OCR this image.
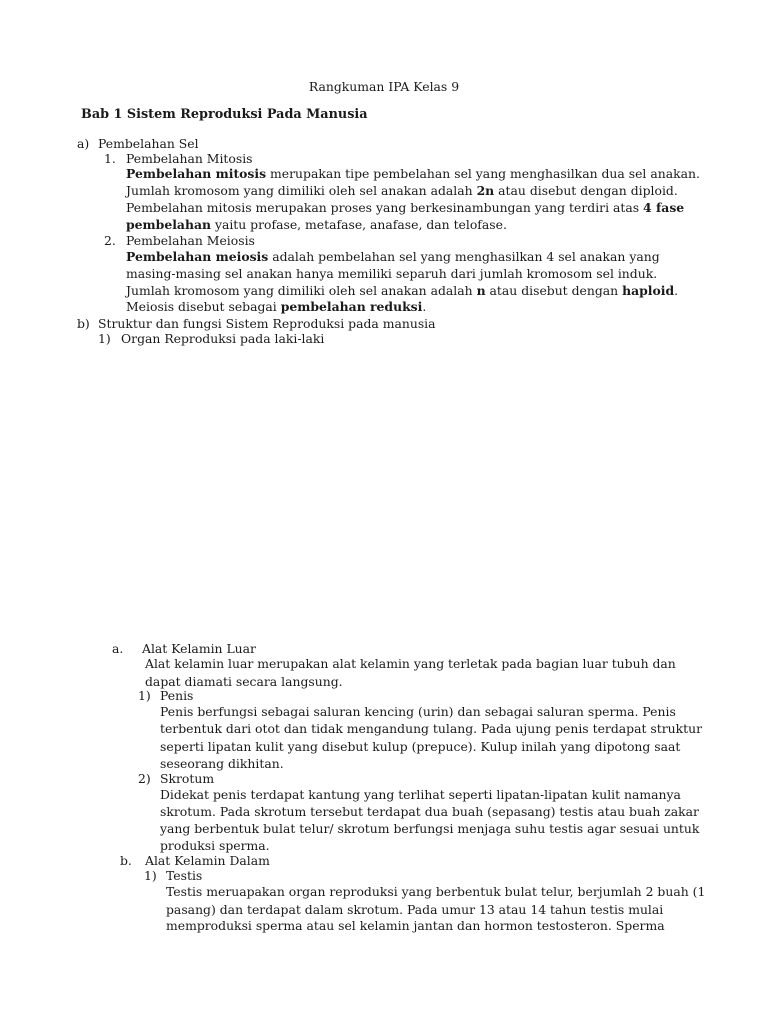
Rangkuman IPA Kelas 9
Bab 1 Sistem Reproduksi Pada Manusia
a) Pembelahan Sel
1. Pembelahan Mitosis
Pembelahan mitosis merupakan tipe pembelahan sel yang menghasilkan dua sel anakan.
Jumlah kromosom yang dimiliki oleh sel anakan adalah 2n atau disebut dengan diploid.
Pembelahan mitosis merupakan proses yang berkesinambungan yang terdiri atas 4 fase
pembelahan yaitu profase, metafase, anafase, dan telofase.
2. Pembelahan Meiosis
Pembelahan meiosis adalah pembelahan sel yang menghasilkan 4 sel anakan yang
masing-masing sel anakan hanya memiliki separuh dari jumlah kromosom sel induk.
Jumlah kromosom yang dimiliki oleh sel anakan adalah n atau disebut dengan haploid.
Meiosis disebut sebagai pembelahan reduksi.
b) Struktur dan fungsi Sistem Reproduksi pada manusia
1) Organ Reproduksi pada laki-laki
a. Alat Kelamin Luar
Alat kelamin luar merupakan alat kelamin yang terletak pada bagian luar tubuh dan
dapat diamati secara langsung.
1) Penis
Penis berfungsi sebagai saluran kencing (urin) dan sebagai saluran sperma. Penis
terbentuk dari otot dan tidak mengandung tulang. Pada ujung penis terdapat struktur
seperti lipatan kulit yang disebut kulup (prepuce). Kulup inilah yang dipotong saat
seseorang dikhitan.
2) Skrotum
Didekat penis terdapat kantung yang terlihat seperti lipatan-lipatan kulit namanya
skrotum. Pada skrotum tersebut terdapat dua buah (sepasang) testis atau buah zakar
yang berbentuk bulat telur/ skrotum berfungsi menjaga suhu testis agar sesuai untuk
produksi sperma.
b. Alat Kelamin Dalam
1) Testis
Testis meruapakan organ reproduksi yang berbentuk bulat telur, berjumlah 2 buah (1
pasang) dan terdapat dalam skrotum. Pada umur 13 atau 14 tahun testis mulai
memproduksi sperma atau sel kelamin jantan dan hormon testosteron. Sperma
